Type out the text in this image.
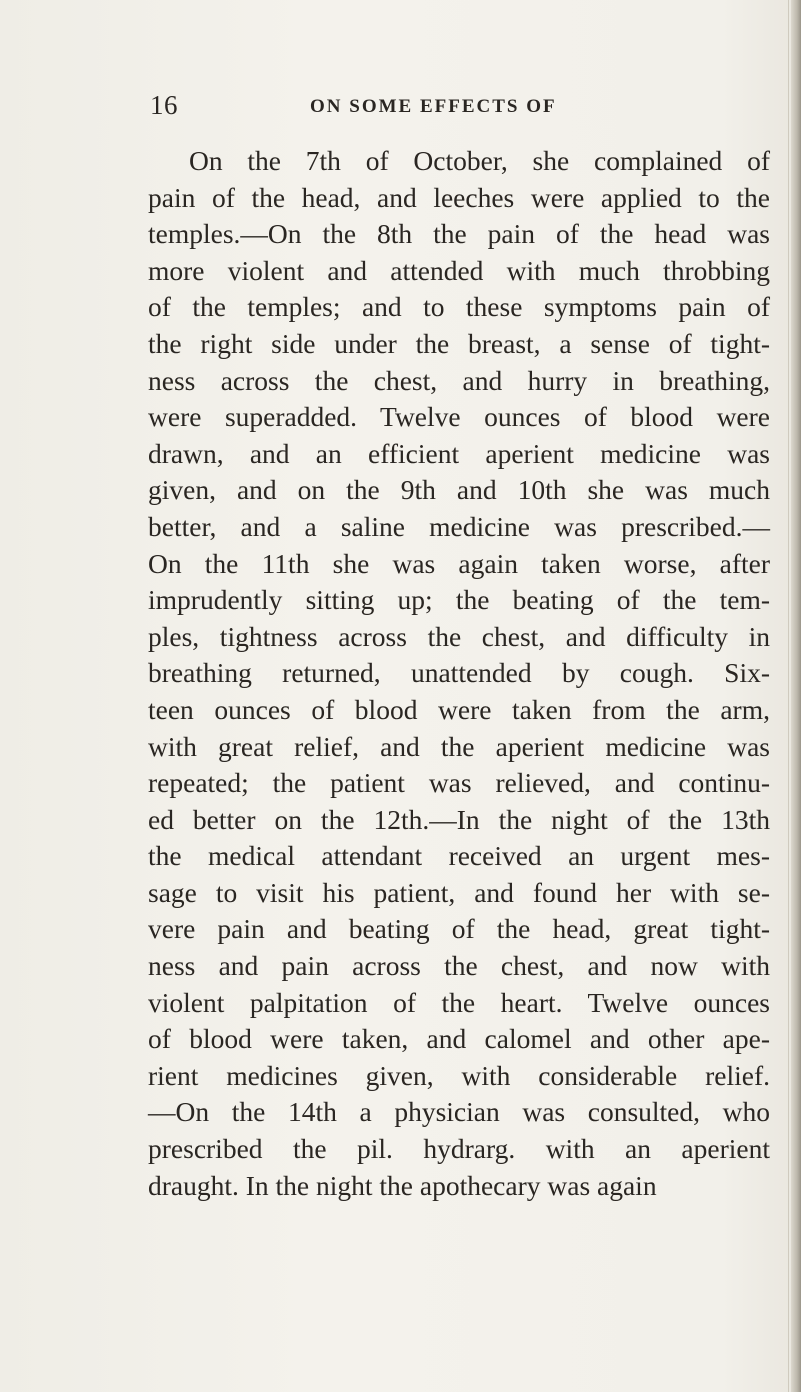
16	ON SOME EFFECTS OF
On the 7th of October, she complained of
pain of the head, and leeches were applied to the
temples.—On the 8th the pain of the head was
more violent and attended with much throbbing
of the temples; and to these symptoms pain of
the right side under the breast, a sense of tight-
ness across the chest, and hurry in breathing,
were superadded. Twelve ounces of blood were
drawn, and an efficient aperient medicine was
given, and on the 9th and 10th she was much
better, and a saline medicine was prescribed.—
On the 11th she was again taken worse, after
imprudently sitting up; the beating of the tem-
ples, tightness across the chest, and difficulty in
breathing returned, unattended by cough. Six-
teen ounces of blood were taken from the arm,
with great relief, and the aperient medicine was
repeated; the patient was relieved, and continu-
ed better on the 12th.—In the night of the 13th
the medical attendant received an urgent mes-
sage to visit his patient, and found her with se-
vere pain and beating of the head, great tight-
ness and pain across the chest, and now with
violent palpitation of the heart. Twelve ounces
of blood were taken, and calomel and other ape-
rient medicines given, with considerable relief.
—On the 14th a physician was consulted, who
prescribed the pil. hydrarg. with an aperient
draught. In the night the apothecary was again
